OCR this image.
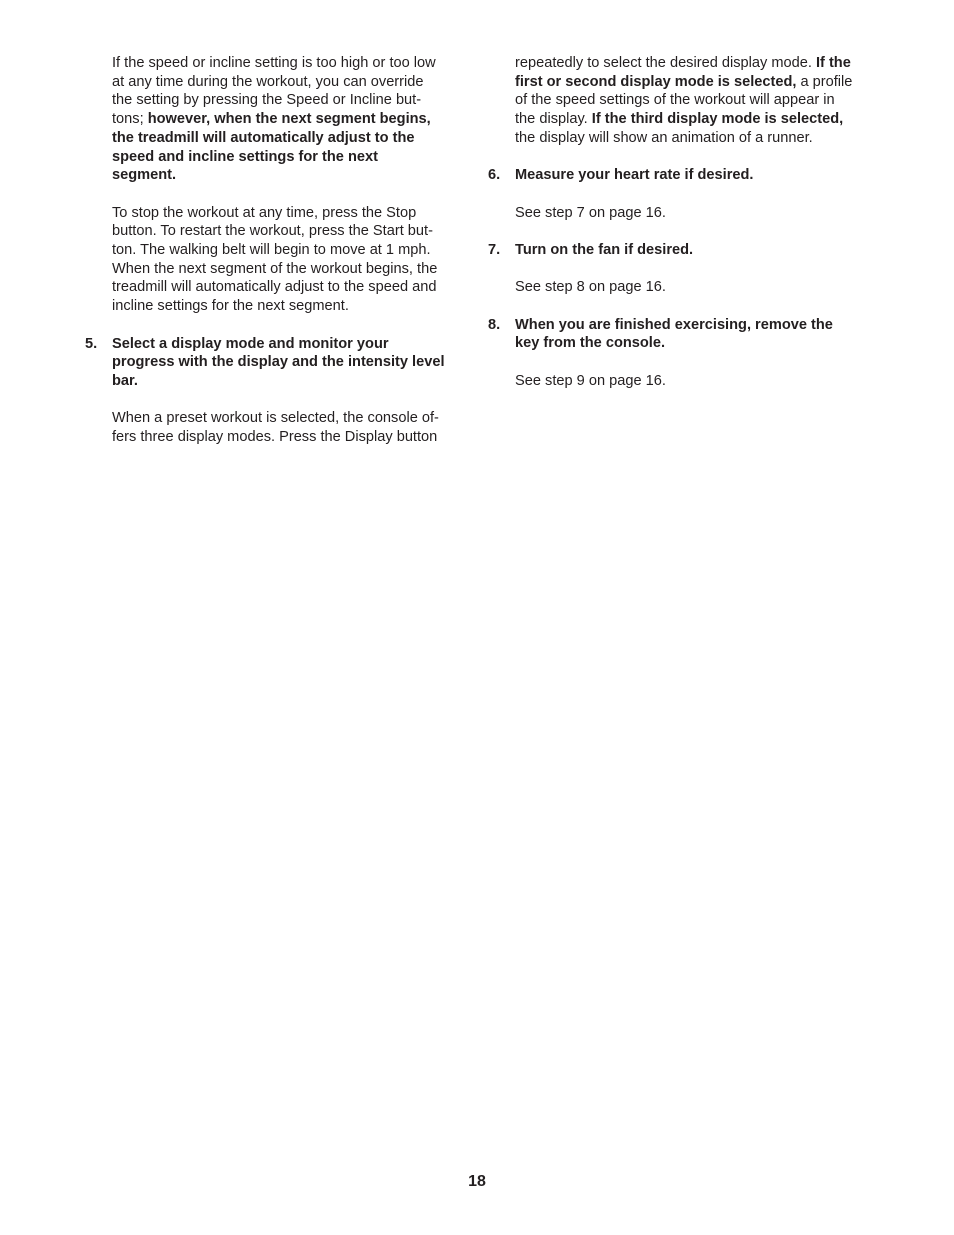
If the speed or incline setting is too high or too low
at any time during the workout, you can override
the setting by pressing the Speed or Incline but-
tons; however, when the next segment begins,
the treadmill will automatically adjust to the
speed and incline settings for the next
segment.

To stop the workout at any time, press the Stop
button. To restart the workout, press the Start but-
ton. The walking belt will begin to move at 1 mph.
When the next segment of the workout begins, the
treadmill will automatically adjust to the speed and
incline settings for the next segment.

5. Select a display mode and monitor your
progress with the display and the intensity level
bar.

When a preset workout is selected, the console of-
fers three display modes. Press the Display button

repeatedly to select the desired display mode. If the
first or second display mode is selected, a profile
of the speed settings of the workout will appear in
the display. If the third display mode is selected,
the display will show an animation of a runner.

6. Measure your heart rate if desired.

See step 7 on page 16.

7. Turn on the fan if desired.

See step 8 on page 16.

8. When you are finished exercising, remove the
key from the console.

See step 9 on page 16.

18
